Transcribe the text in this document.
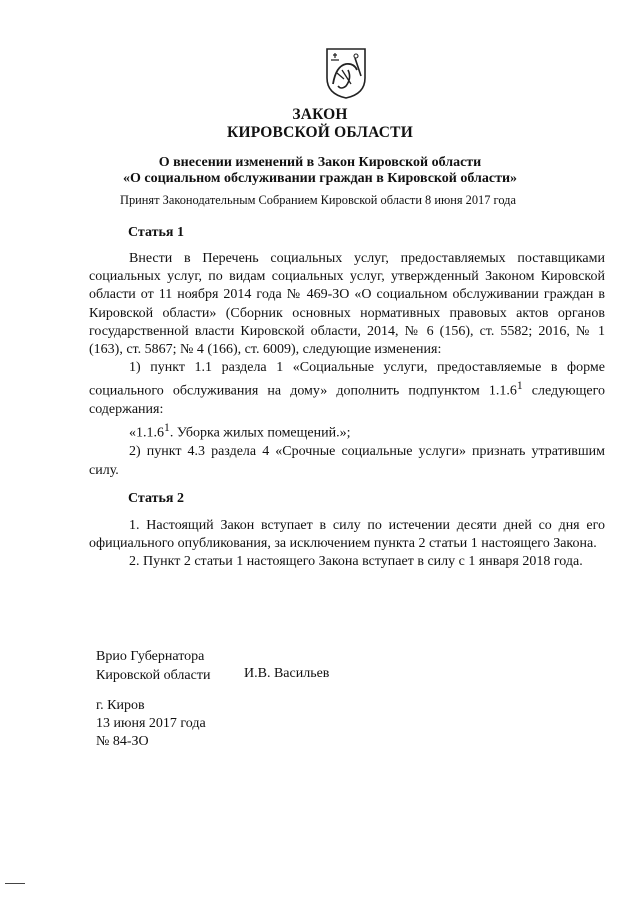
ЗАКОН
КИРОВСКОЙ ОБЛАСТИ
О внесении изменений в Закон Кировской области
«О социальном обслуживании граждан в Кировской области»
Принят Законодательным Собранием Кировской области 8 июня 2017 года
Статья 1

Внести в Перечень социальных услуг, предоставляемых поставщиками социальных услуг, по видам социальных услуг, утвержденный Законом Кировской области от 11 ноября 2014 года № 469-ЗО «О социальном обслуживании граждан в Кировской области» (Сборник основных нормативных правовых актов органов государственной власти Кировской области, 2014, № 6 (156), ст. 5582; 2016, № 1 (163), ст. 5867; № 4 (166), ст. 6009), следующие изменения:

1) пункт 1.1 раздела 1 «Социальные услуги, предоставляемые в форме социального обслуживания на дому» дополнить подпунктом 1.1.6$^1$ следующего содержания:

«1.1.6$^1$. Уборка жилых помещений.»;

2) пункт 4.3 раздела 4 «Срочные социальные услуги» признать утратившим силу.

Статья 2

1. Настоящий Закон вступает в силу по истечении десяти дней со дня его официального опубликования, за исключением пункта 2 статьи 1 настоящего Закона.

2. Пункт 2 статьи 1 настоящего Закона вступает в силу с 1 января 2018 года.

Врио Губернатора
Кировской области И.В. Васильев
г. Киров
13 июня 2017 года
№ 84-ЗО
